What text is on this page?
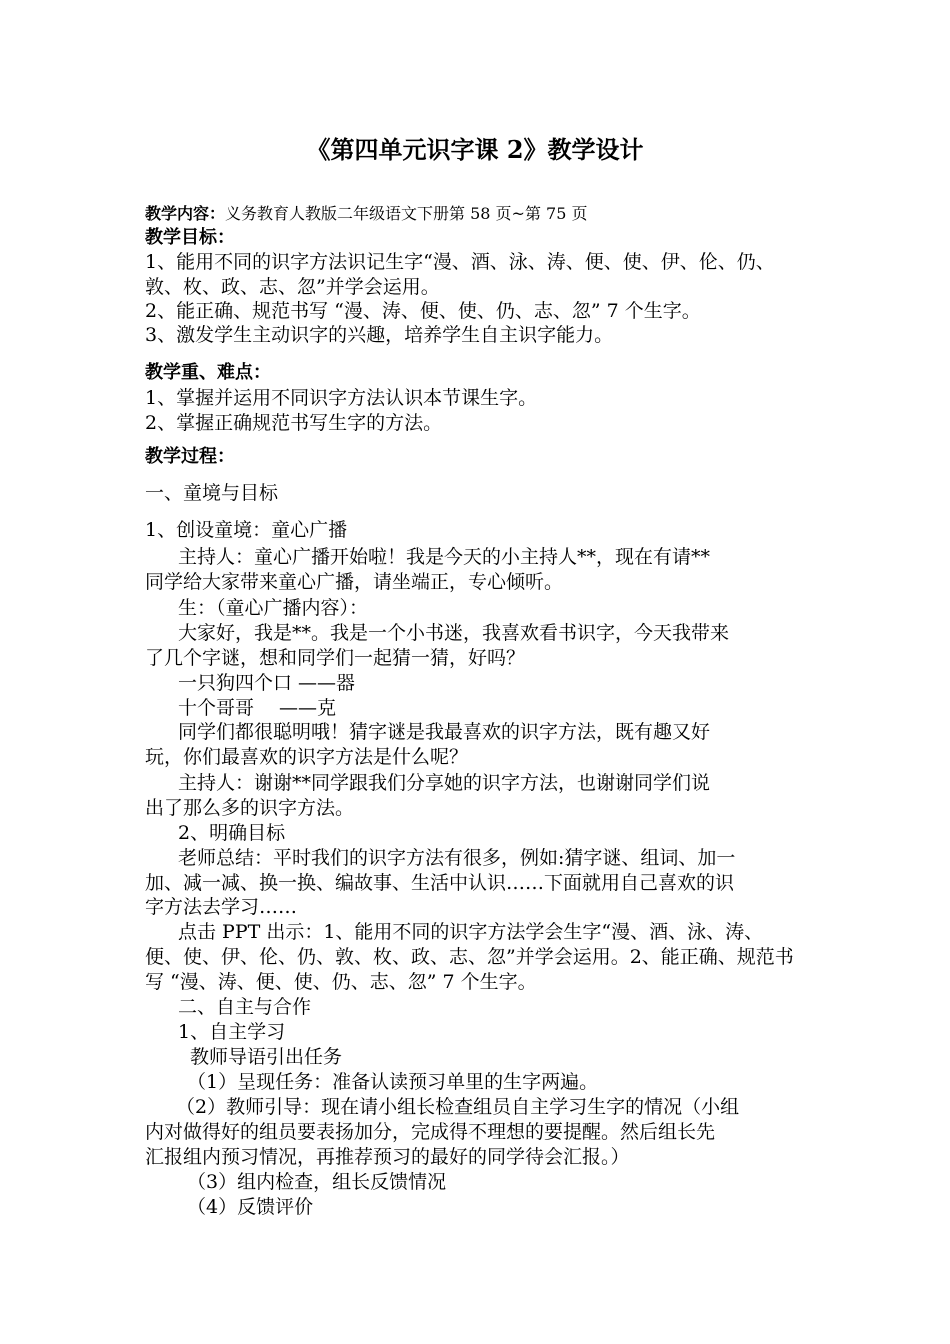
《第四单元识字课 2》教学设计
教学内容：义务教育人教版二年级语文下册第 58 页~第 75 页
教学目标：
1、能用不同的识字方法识记生字“漫、酒、泳、涛、便、使、伊、伦、仍、
敦、枚、政、志、忽”并学会运用。
2、能正确、规范书写 “漫、涛、便、使、仍、志、忽” 7 个生字。
3、激发学生主动识字的兴趣，培养学生自主识字能力。
教学重、难点：
1、掌握并运用不同识字方法认识本节课生字。
2、掌握正确规范书写生字的方法。
教学过程：
一、童境与目标
1、创设童境：童心广播
主持人：童心广播开始啦！我是今天的小主持人**，现在有请**
同学给大家带来童心广播，请坐端正，专心倾听。
生：（童心广播内容）：
大家好，我是**。我是一个小书迷，我喜欢看书识字，今天我带来
了几个字谜，想和同学们一起猜一猜，好吗？
一只狗四个口 ——器
十个哥哥　 ——克
同学们都很聪明哦！猜字谜是我最喜欢的识字方法，既有趣又好
玩，你们最喜欢的识字方法是什么呢？
主持人：谢谢**同学跟我们分享她的识字方法，也谢谢同学们说
出了那么多的识字方法。
2、明确目标
老师总结：平时我们的识字方法有很多，例如:猜字谜、组词、加一
加、减一减、换一换、编故事、生活中认识……下面就用自己喜欢的识
字方法去学习……
点击 PPT 出示：1、能用不同的识字方法学会生字“漫、酒、泳、涛、
便、使、伊、伦、仍、敦、枚、政、志、忽”并学会运用。2、能正确、规范书
写 “漫、涛、便、使、仍、志、忽” 7 个生字。
二、自主与合作
1、自主学习
教师导语引出任务
（1）呈现任务：准备认读预习单里的生字两遍。
（2）教师引导：现在请小组长检查组员自主学习生字的情况（小组
内对做得好的组员要表扬加分，完成得不理想的要提醒。然后组长先
汇报组内预习情况，再推荐预习的最好的同学待会汇报。）
（3）组内检查，组长反馈情况
（4）反馈评价
